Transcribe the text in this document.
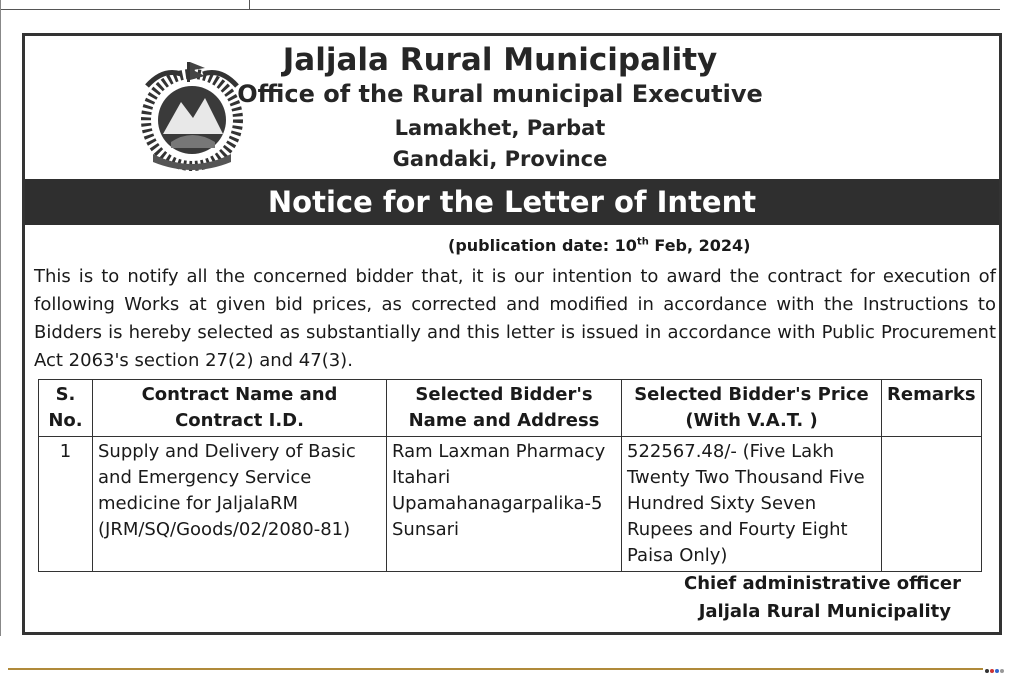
Jaljala Rural Municipality
Office of the Rural municipal Executive
Lamakhet, Parbat
Gandaki, Province
Notice for the Letter of Intent
(publication date: 10th Feb, 2024)
This is to notify all the concerned bidder that, it is our intention to award the contract for execution of following Works at given bid prices, as corrected and modified in accordance with the Instructions to Bidders is hereby selected as substantially and this letter is issued in accordance with Public Procurement Act 2063's section 27(2) and 47(3).
S. No.	Contract Name and Contract I.D.	Selected Bidder's Name and Address	Selected Bidder's Price (With V.A.T. )	Remarks
1	Supply and Delivery of Basic and Emergency Service medicine for JaljalaRM (JRM/SQ/Goods/02/2080-81)	Ram Laxman Pharmacy Itahari Upamahanagarpalika-5 Sunsari	522567.48/- (Five Lakh Twenty Two Thousand Five Hundred Sixty Seven Rupees and Fourty Eight Paisa Only)	
Chief administrative officer
Jaljala Rural Municipality
